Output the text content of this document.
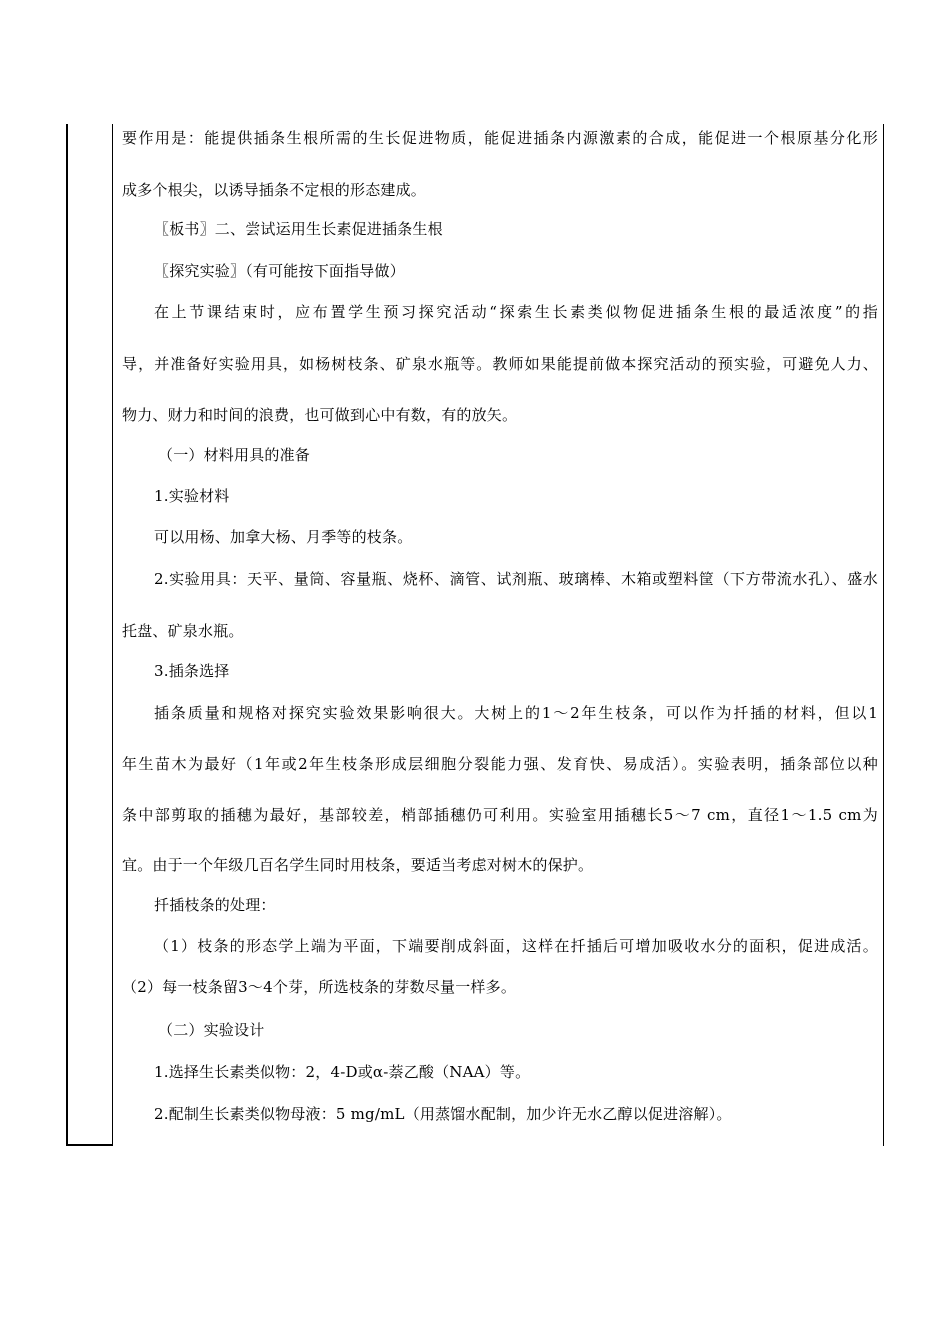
要作用是：能提供插条生根所需的生长促进物质，能促进插条内源激素的合成，能促进一个根原基分化形
成多个根尖，以诱导插条不定根的形态建成。
〖板书〗二、尝试运用生长素促进插条生根
〖探究实验〗（有可能按下面指导做）
在上节课结束时，应布置学生预习探究活动“探索生长素类似物促进插条生根的最适浓度”的指
导，并准备好实验用具，如杨树枝条、矿泉水瓶等。教师如果能提前做本探究活动的预实验，可避免人力、
物力、财力和时间的浪费，也可做到心中有数，有的放矢。
（一）材料用具的准备
1.实验材料
可以用杨、加拿大杨、月季等的枝条。
2.实验用具：天平、量筒、容量瓶、烧杯、滴管、试剂瓶、玻璃棒、木箱或塑料筐（下方带流水孔）、盛水
托盘、矿泉水瓶。
3.插条选择
插条质量和规格对探究实验效果影响很大。大树上的1～2年生枝条，可以作为扦插的材料，但以1
年生苗木为最好（1年或2年生枝条形成层细胞分裂能力强、发育快、易成活）。实验表明，插条部位以种
条中部剪取的插穗为最好，基部较差，梢部插穗仍可利用。实验室用插穗长5～7 cm，直径1～1.5 cm为
宜。由于一个年级几百名学生同时用枝条，要适当考虑对树木的保护。
扦插枝条的处理：
（1）枝条的形态学上端为平面，下端要削成斜面，这样在扦插后可增加吸收水分的面积，促进成活。
（2）每一枝条留3～4个芽，所选枝条的芽数尽量一样多。
（二）实验设计
1.选择生长素类似物：2，4-D或α-萘乙酸（NAA）等。
2.配制生长素类似物母液：5 mg/mL（用蒸馏水配制，加少许无水乙醇以促进溶解）。
